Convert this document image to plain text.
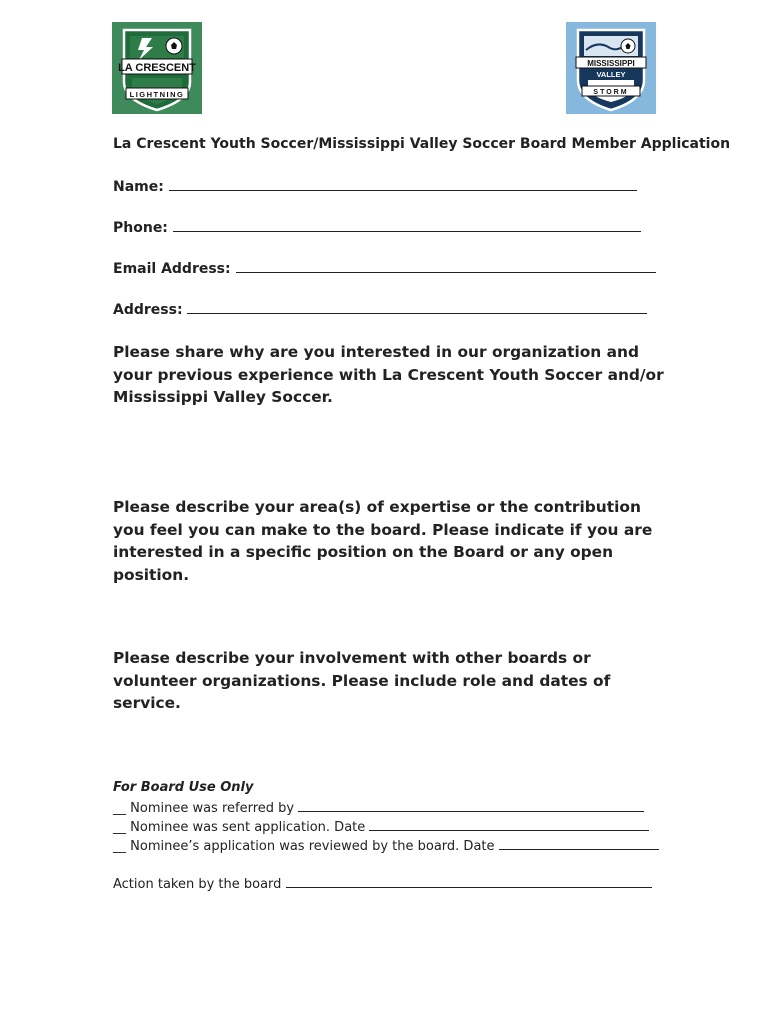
LA CRESCENT
LIGHTNING
MISSISSIPPI
VALLEY
STORM
La Crescent Youth Soccer/Mississippi Valley Soccer Board Member Application
Name:
Phone:
Email Address:
Address:
Please share why are you interested in our organization and your previous experience with La Crescent Youth Soccer and/or Mississippi Valley Soccer.
Please describe your area(s) of expertise or the contribution you feel you can make to the board. Please indicate if you are interested in a specific position on the Board or any open position.
Please describe your involvement with other boards or volunteer organizations. Please include role and dates of service.
For Board Use Only
__ Nominee was referred by
__ Nominee was sent application. Date
__ Nominee’s application was reviewed by the board. Date
Action taken by the board
